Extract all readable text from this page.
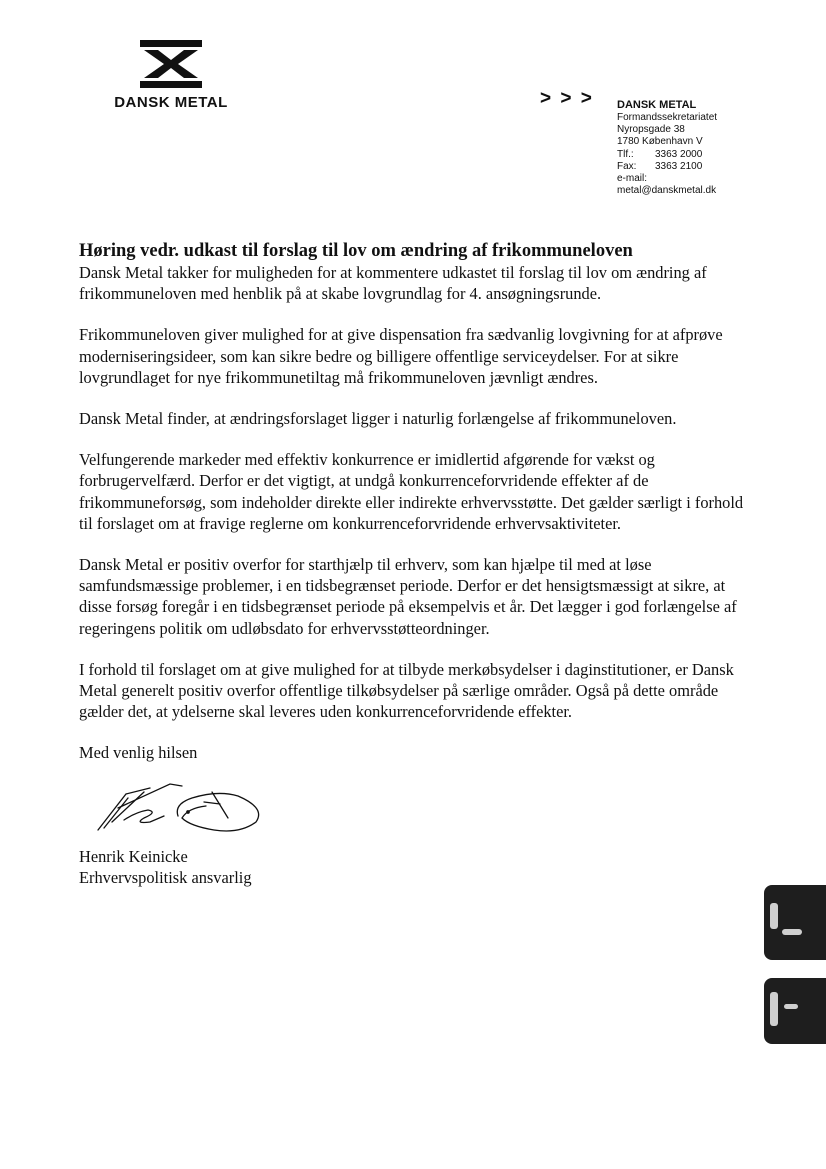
DANSK METAL	> > > DANSK METAL
Formandssekretariatet
Nyropsgade 38
1780 København V
Tlf.: 3363 2000
Fax: 3363 2100
e-mail:
metal@danskmetal.dk
Høring vedr. udkast til forslag til lov om ændring af frikommuneloven

Dansk Metal takker for muligheden for at kommentere udkastet til forslag til lov om ændring af frikommuneloven med henblik på at skabe lovgrundlag for 4. ansøgningsrunde.

Frikommuneloven giver mulighed for at give dispensation fra sædvanlig lovgivning for at afprøve moderniseringsideer, som kan sikre bedre og billigere offentlige serviceydelser. For at sikre lovgrundlaget for nye frikommunetiltag må frikommuneloven jævnligt ændres.

Dansk Metal finder, at ændringsforslaget ligger i naturlig forlængelse af frikommuneloven.

Velfungerende markeder med effektiv konkurrence er imidlertid afgørende for vækst og forbrugervelfærd. Derfor er det vigtigt, at undgå konkurrenceforvridende effekter af de frikommuneforsøg, som indeholder direkte eller indirekte erhvervsstøtte. Det gælder særligt i forhold til forslaget om at fravige reglerne om konkurrenceforvridende erhvervsaktiviteter.

Dansk Metal er positiv overfor for starthjælp til erhverv, som kan hjælpe til med at løse samfundsmæssige problemer, i en tidsbegrænset periode. Derfor er det hensigtsmæssigt at sikre, at disse forsøg foregår i en tidsbegrænset periode på eksempelvis et år. Det lægger i god forlængelse af regeringens politik om udløbsdato for erhvervsstøtteordninger.

I forhold til forslaget om at give mulighed for at tilbyde merkøbsydelser i daginstitutioner, er Dansk Metal generelt positiv overfor offentlige tilkøbsydelser på særlige områder. Også på dette område gælder det, at ydelserne skal leveres uden konkurrenceforvridende effekter.

Med venlig hilsen

Henrik Keinicke
Erhvervspolitisk ansvarlig
